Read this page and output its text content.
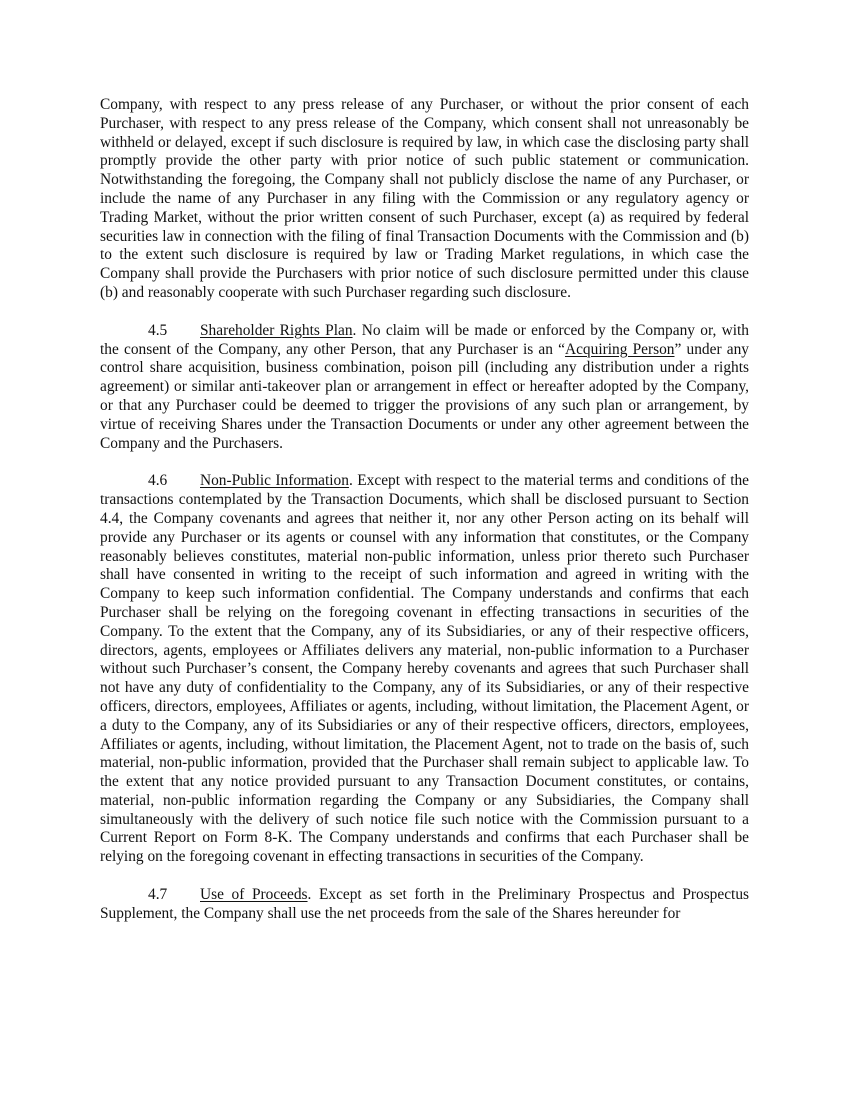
Company, with respect to any press release of any Purchaser, or without the prior consent of each Purchaser, with respect to any press release of the Company, which consent shall not unreasonably be withheld or delayed, except if such disclosure is required by law, in which case the disclosing party shall promptly provide the other party with prior notice of such public statement or communication. Notwithstanding the foregoing, the Company shall not publicly disclose the name of any Purchaser, or include the name of any Purchaser in any filing with the Commission or any regulatory agency or Trading Market, without the prior written consent of such Purchaser, except (a) as required by federal securities law in connection with the filing of final Transaction Documents with the Commission and (b) to the extent such disclosure is required by law or Trading Market regulations, in which case the Company shall provide the Purchasers with prior notice of such disclosure permitted under this clause (b) and reasonably cooperate with such Purchaser regarding such disclosure.

4.5 Shareholder Rights Plan. No claim will be made or enforced by the Company or, with the consent of the Company, any other Person, that any Purchaser is an “Acquiring Person” under any control share acquisition, business combination, poison pill (including any distribution under a rights agreement) or similar anti-takeover plan or arrangement in effect or hereafter adopted by the Company, or that any Purchaser could be deemed to trigger the provisions of any such plan or arrangement, by virtue of receiving Shares under the Transaction Documents or under any other agreement between the Company and the Purchasers.

4.6 Non-Public Information. Except with respect to the material terms and conditions of the transactions contemplated by the Transaction Documents, which shall be disclosed pursuant to Section 4.4, the Company covenants and agrees that neither it, nor any other Person acting on its behalf will provide any Purchaser or its agents or counsel with any information that constitutes, or the Company reasonably believes constitutes, material non-public information, unless prior thereto such Purchaser shall have consented in writing to the receipt of such information and agreed in writing with the Company to keep such information confidential. The Company understands and confirms that each Purchaser shall be relying on the foregoing covenant in effecting transactions in securities of the Company. To the extent that the Company, any of its Subsidiaries, or any of their respective officers, directors, agents, employees or Affiliates delivers any material, non-public information to a Purchaser without such Purchaser’s consent, the Company hereby covenants and agrees that such Purchaser shall not have any duty of confidentiality to the Company, any of its Subsidiaries, or any of their respective officers, directors, employees, Affiliates or agents, including, without limitation, the Placement Agent, or a duty to the Company, any of its Subsidiaries or any of their respective officers, directors, employees, Affiliates or agents, including, without limitation, the Placement Agent, not to trade on the basis of, such material, non-public information, provided that the Purchaser shall remain subject to applicable law. To the extent that any notice provided pursuant to any Transaction Document constitutes, or contains, material, non-public information regarding the Company or any Subsidiaries, the Company shall simultaneously with the delivery of such notice file such notice with the Commission pursuant to a Current Report on Form 8-K. The Company understands and confirms that each Purchaser shall be relying on the foregoing covenant in effecting transactions in securities of the Company.

4.7 Use of Proceeds. Except as set forth in the Preliminary Prospectus and Prospectus Supplement, the Company shall use the net proceeds from the sale of the Shares hereunder for
